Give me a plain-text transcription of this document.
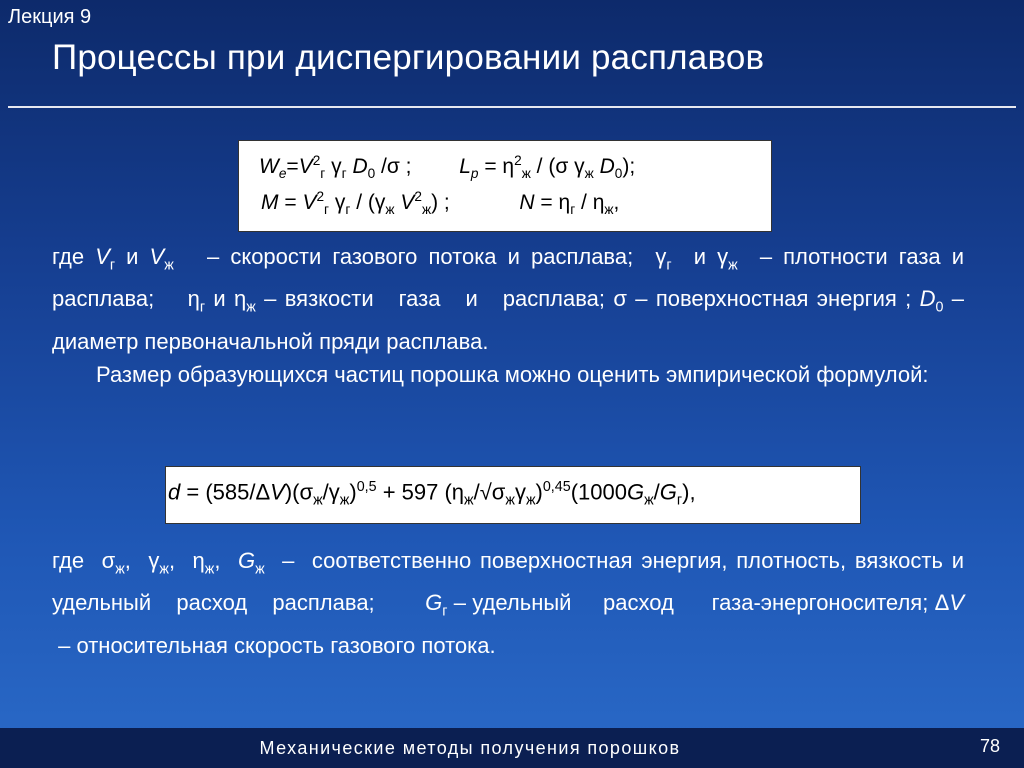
Лекция 9
Процессы при диспергировании расплавов
$W_e=V^2_г$ $\gamma_г$ $D_0$ /σ ;  $L_p = \eta^2_ж / (\sigma$ $\gamma_ж$ $D_0$);
$M = V^2_г$ $\gamma_г / (\gamma_ж$ $V^2_ж$) ;	$N = \eta_г / \eta_ж$,
где $V_г$ и $V_ж$   – скорости газового потока и расплава;  $\gamma_г$  и $\gamma_ж$  – плотности газа и расплава;    $\eta_г$ и $\eta_ж$ – вязкости   газа   и   расплава; σ – поверхностная энергия ; $D_0$ – диаметр первоначальной пряди расплава.
Размер образующихся частиц порошка можно оценить эмпирической формулой:
$d = (585/\Delta V)(\sigma_ж/\gamma_ж)^{0,5} + 597$ $(\eta_ж/√\sigma_ж\gamma_ж)^{0,45}(1000G_ж/G_г)$,
где  $\sigma_ж$,  $\gamma_ж$,  $\eta_ж$,  $G_ж$  –  соответственно поверхностная энергия, плотность, вязкость и удельный    расход    расплава;        $G_г$ – удельный     расход      газа-энергоносителя; ΔV  – относительная скорость газового потока.
Механические методы получения порошков	78
